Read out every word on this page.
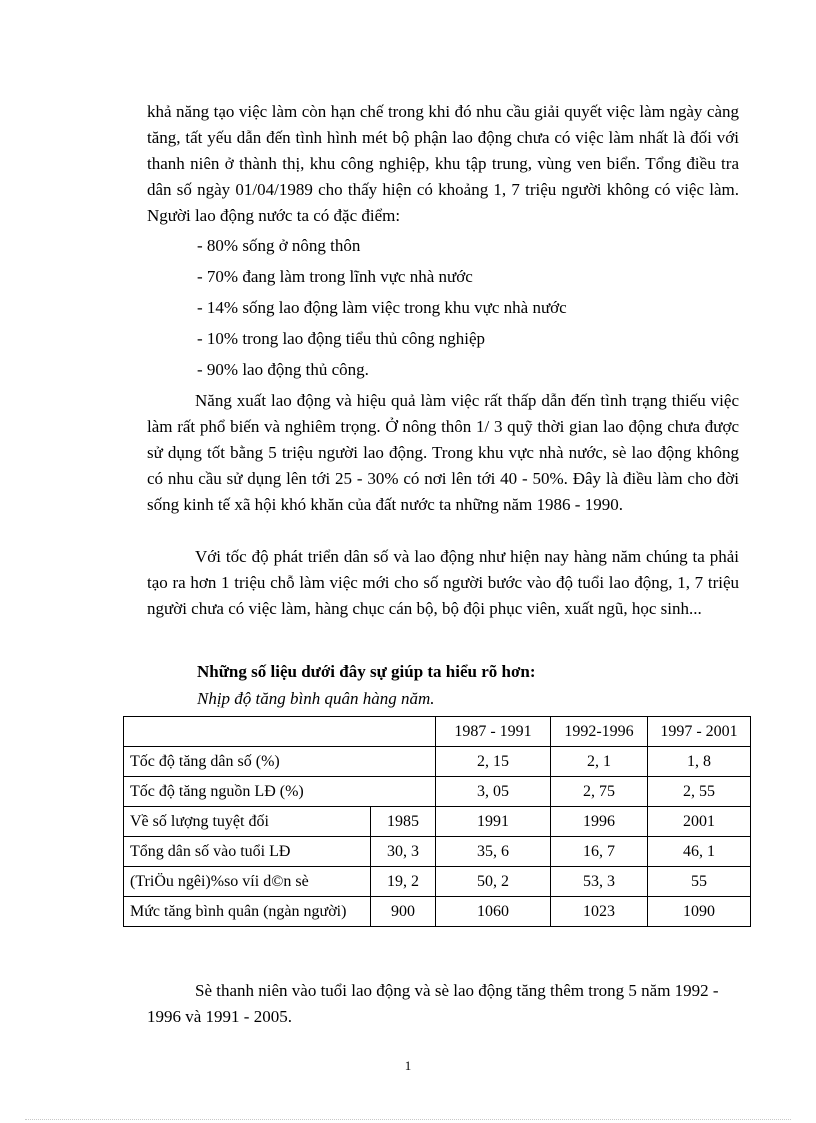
khả năng tạo việc làm còn hạn chế trong khi đó nhu cầu giải quyết việc làm ngày càng tăng, tất yếu dẫn đến tình hình mét bộ phận lao động chưa có việc làm nhất là đối với thanh niên ở thành thị, khu công nghiệp, khu tập trung, vùng ven biển. Tổng điều tra dân số ngày 01/04/1989 cho thấy hiện có khoảng 1, 7 triệu người không có việc làm. Người lao động nước ta có đặc điểm:

- 80% sống ở nông thôn
- 70% đang làm trong lĩnh vực nhà nước
- 14% sống lao động làm việc trong khu vực nhà nước
- 10% trong lao động tiểu thủ công nghiệp
- 90% lao động thủ công.

Năng xuất lao động và hiệu quả làm việc rất thấp dẫn đến tình trạng thiếu việc làm rất phổ biến và nghiêm trọng. Ở nông thôn 1/ 3 quỹ thời gian lao động chưa được sử dụng tốt bằng 5 triệu người lao động. Trong khu vực nhà nước, sè lao động không có nhu cầu sử dụng lên tới 25 - 30% có nơi lên tới 40 - 50%. Đây là điều làm cho đời sống kinh tế xã hội khó khăn của đất nước ta những năm 1986 - 1990.

Với tốc độ phát triển dân số và lao động như hiện nay hàng năm chúng ta phải tạo ra hơn 1 triệu chỗ làm việc mới cho số người bước vào độ tuổi lao động, 1, 7 triệu người chưa có việc làm, hàng chục cán bộ, bộ đội phục viên, xuất ngũ, học sinh...

Những số liệu dưới đây sự giúp ta hiểu rõ hơn:
Nhịp độ tăng bình quân hàng năm.
		1987 - 1991	1992-1996	1997 - 2001
Tốc độ tăng dân số (%)		2, 15	2, 1	1, 8
Tốc độ tăng nguồn LĐ (%)		3, 05	2, 75	2, 55
Về số lượng tuyệt đối	1985	1991	1996	2001
Tổng dân số vào tuổi LĐ	30, 3	35, 6	16, 7	46, 1
(TriÖu ngêi)%so víi d©n sè	19, 2	50, 2	53, 3	55
Mức tăng bình quân (ngàn người)	900	1060	1023	1090

Sè thanh niên vào tuổi lao động và sè lao động tăng thêm trong 5 năm 1992 - 1996 và 1991 - 2005.

1
